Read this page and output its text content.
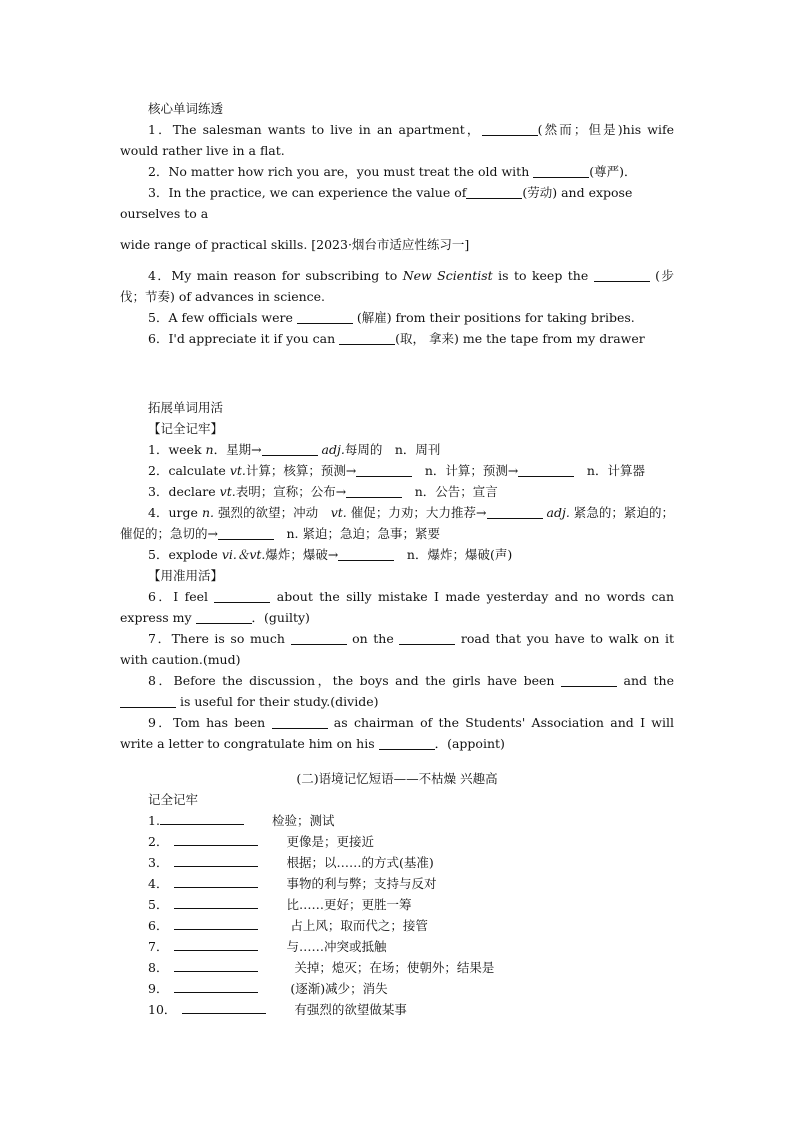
核心单词练透

1．The salesman wants to live in an apartment，	(然而；但是)his wife would rather live in a flat.

2．No matter how rich you are，you must treat the old with	(尊严)．

3．In the practice, we can experience the value of	(劳动) and expose ourselves to a

wide range of practical skills. [2023·烟台市适应性练习一]

4．My main reason for subscribing to New Scientist is to keep the	(步伐；节奏) of advances in science.

5．A few officials were	(解雇) from their positions for taking bribes.

6．I'd appreciate it if you can	(取， 拿来) me the tape from my drawer

拓展单词用活

【记全记牢】

1．week n．星期→	adj.每周的　n．周刊

2．calculate vt.计算；核算；预测→	　n．计算；预测→	　n．计算器

3．declare vt.表明；宣称；公布→	　n．公告；宣言

4．urge n. 强烈的欲望；冲动　vt. 催促；力劝；大力推荐→	adj. 紧急的；紧迫的；催促的；急切的→	　n. 紧迫；急迫；急事；紧要

5．explode vi.＆vt.爆炸；爆破→	　n．爆炸；爆破(声)

【用准用活】

6．I feel	about the silly mistake I made yesterday and no words can express my	．(guilty)

7．There is so much	on the	road that you have to walk on it with caution.(mud)

8．Before the discussion，the boys and the girls have been	and the  is useful for their study.(divide)

9．Tom has been	as chairman of the Students' Association and I will write a letter to congratulate him on his	．(appoint)

(二)语境记忆短语——不枯燥 兴趣高

记全记牢

1.	检验；测试
2．	更像是；更接近
3．	根据；以……的方式(基准)
4．	事物的利与弊；支持与反对
5．	比……更好；更胜一筹
6．	占上风；取而代之；接管
7．	与……冲突或抵触
8．	关掉；熄灭；在场；使朝外；结果是
9．	(逐渐)减少；消失
10．	有强烈的欲望做某事
